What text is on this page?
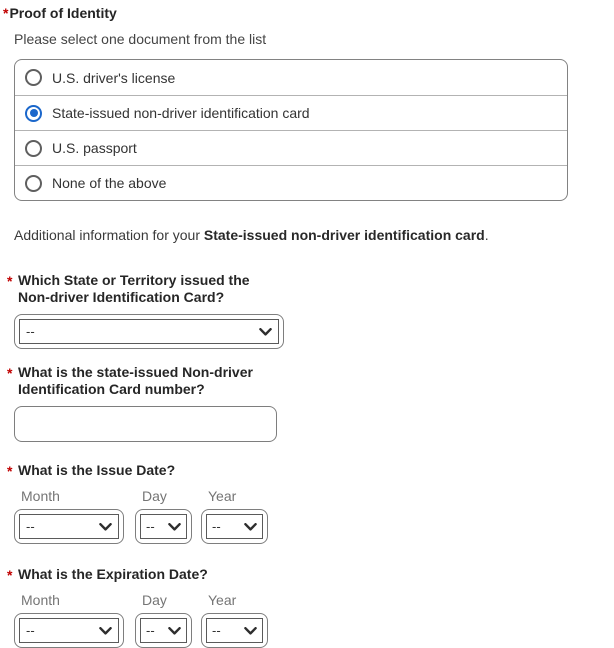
* Proof of Identity
Please select one document from the list
U.S. driver's license
State-issued non-driver identification card
U.S. passport
None of the above
Additional information for your State-issued non-driver identification card.
* Which State or Territory issued the Non-driver Identification Card?
--
* What is the state-issued Non-driver Identification Card number?
* What is the Issue Date?
Month
--
Day
--
Year
--
* What is the Expiration Date?
Month
--
Day
--
Year
--
